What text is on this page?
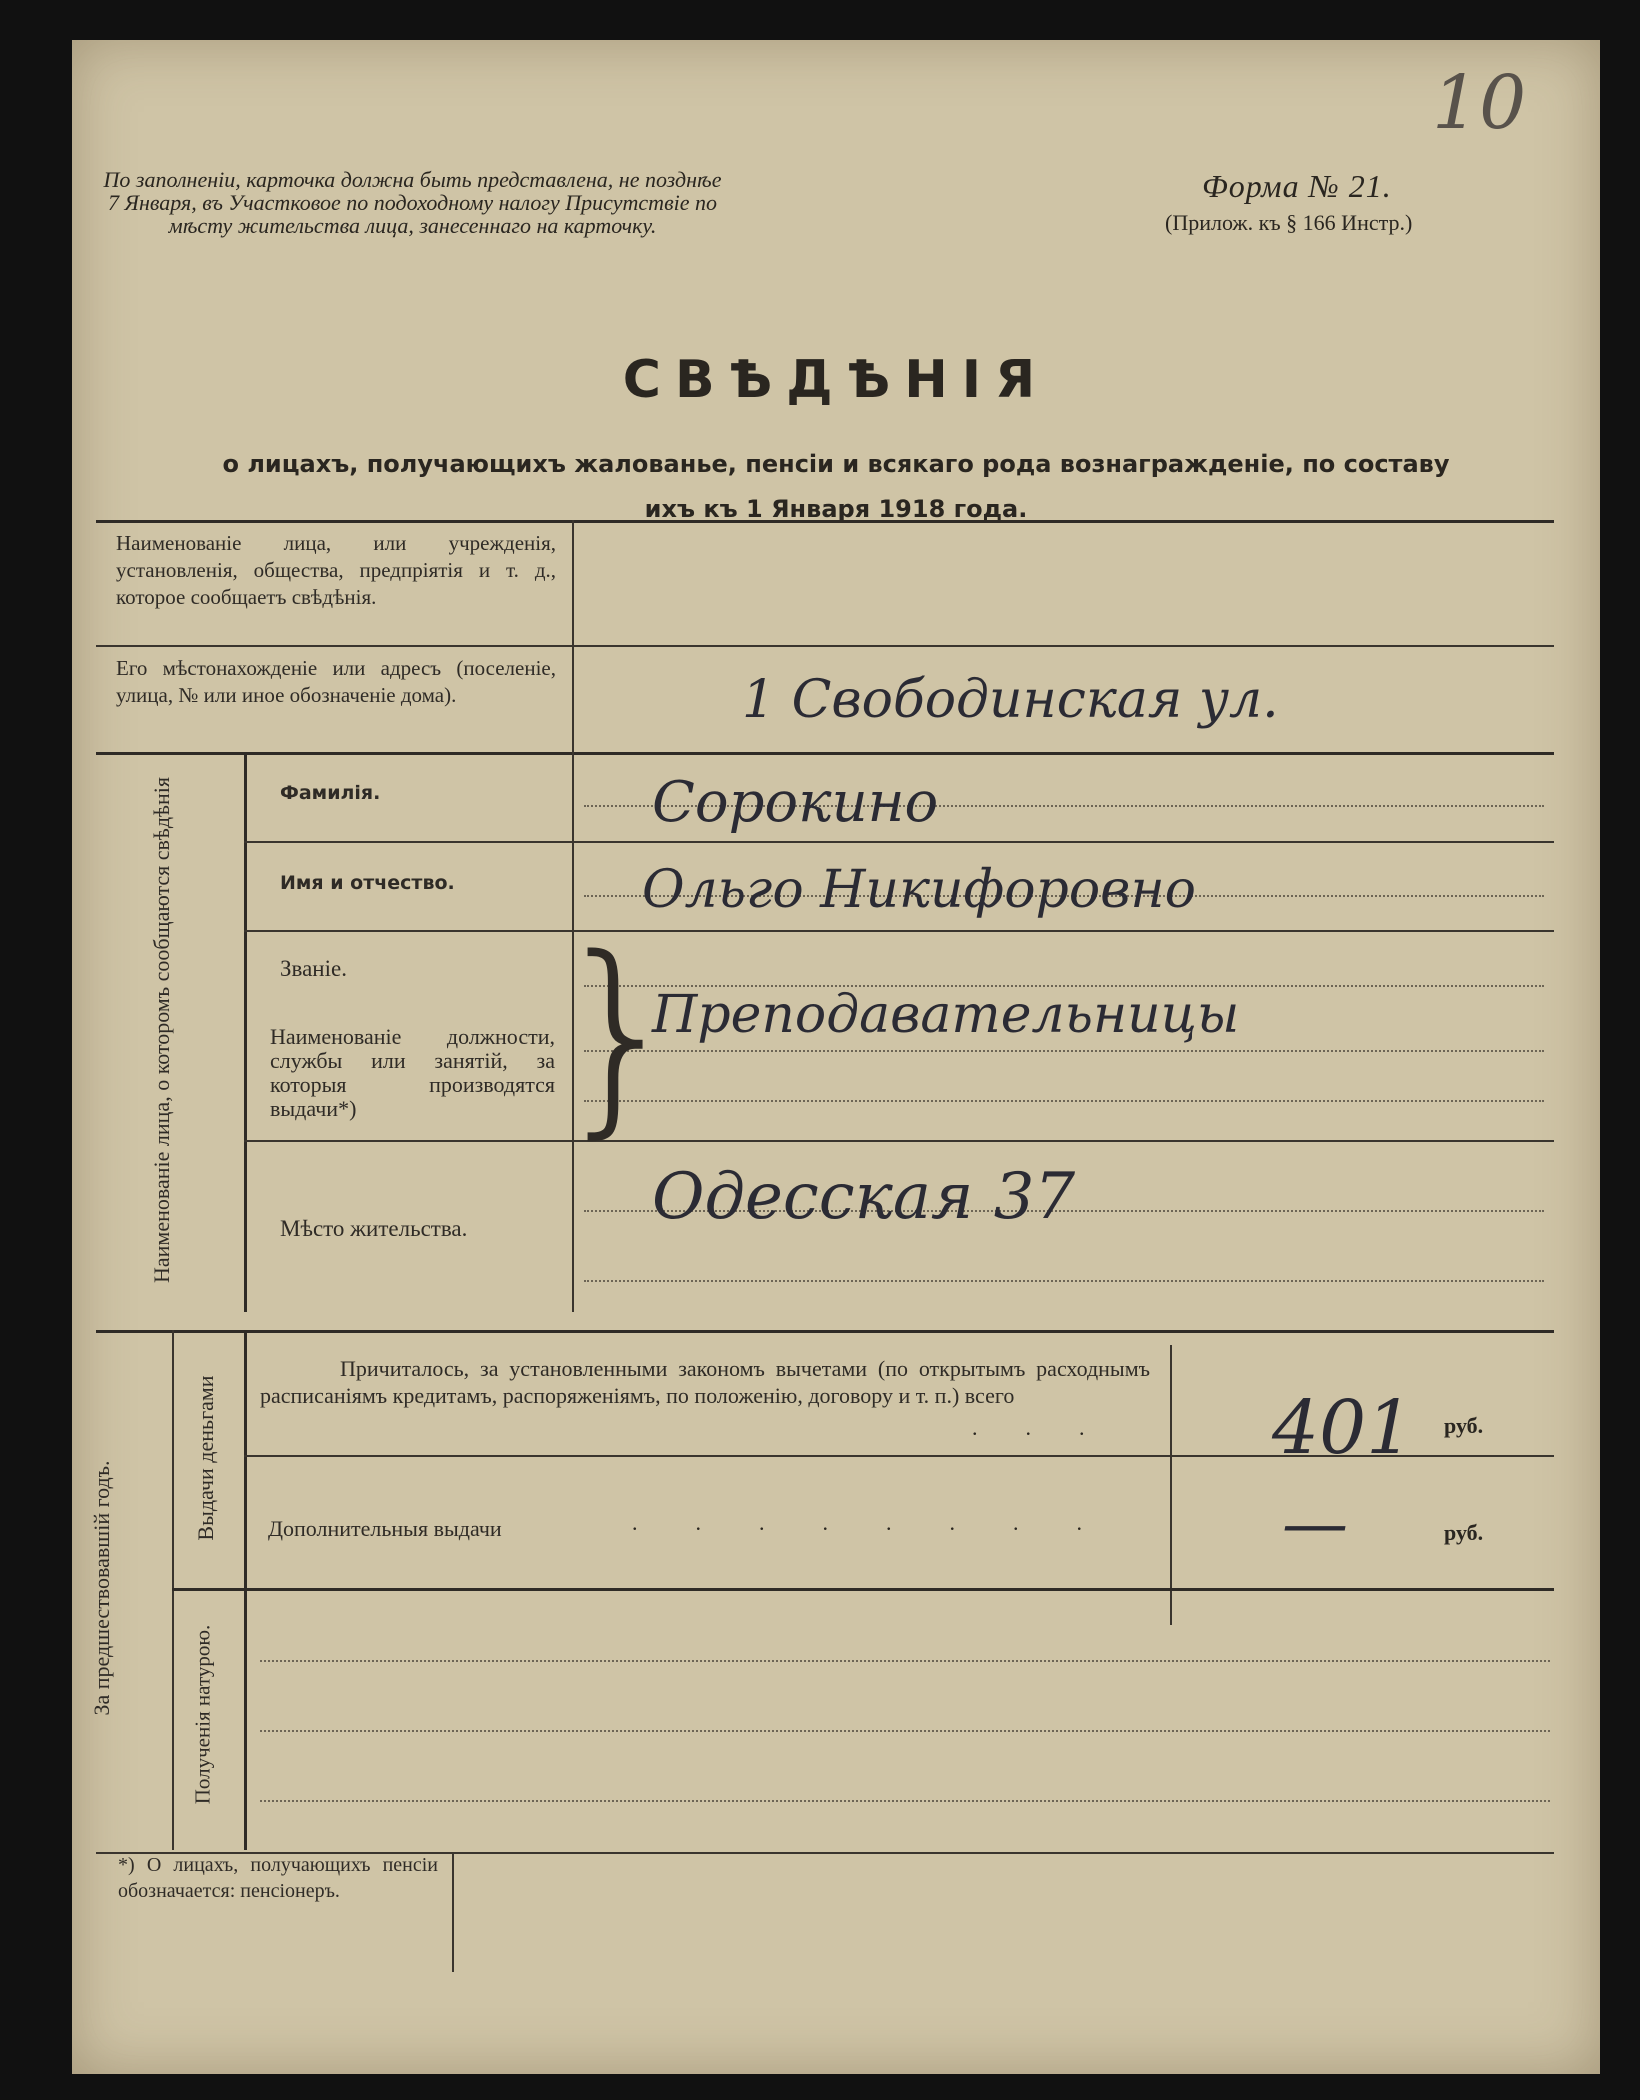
По заполненіи, карточка должна быть представлена, не позднѣе 7 Января, въ Участковое по подоходному налогу Присутствіе по мѣсту жительства лица, занесеннаго на карточку.
10
Форма № 21.
(Прилож. къ § 166 Инстр.)
СВѢДѢНІЯ
о лицахъ, получающихъ жалованье, пенсіи и всякаго рода вознагражденіе, по составу
ихъ къ 1 Января 1918 года.
Наименованіе лица, или учрежденія, установленія, общества, предпріятія и т. д., которое сообщаетъ свѣдѣнія.
Его мѣстонахожденіе или адресъ (поселеніе, улица, № или иное обозначеніе дома).	1 Свободинская ул.
Наименованіе лица, о которомъ сообщаются свѣдѣнія	Фамилія.	Сорокино
Имя и отчество.	Ольго Никифоровно
Званіе.
Наименованіе должности, службы или занятій, за которыя производятся выдачи*) }
Преподавательницы
Мѣсто жительства.	Одесская 37
За предшествовавшій годъ.
Выдачи деньгами
Полученія натурою.
Причиталось, за установленными закономъ вычетами (по открытымъ расходнымъ расписаніямъ кредитамъ, распоряженіямъ, по положенію, договору и т. п.) всего	401 руб.
Дополнительныя выдачи	........ —	руб.
...
*) О лицахъ, получающихъ пенсіи обозначается: пенсіонеръ.
